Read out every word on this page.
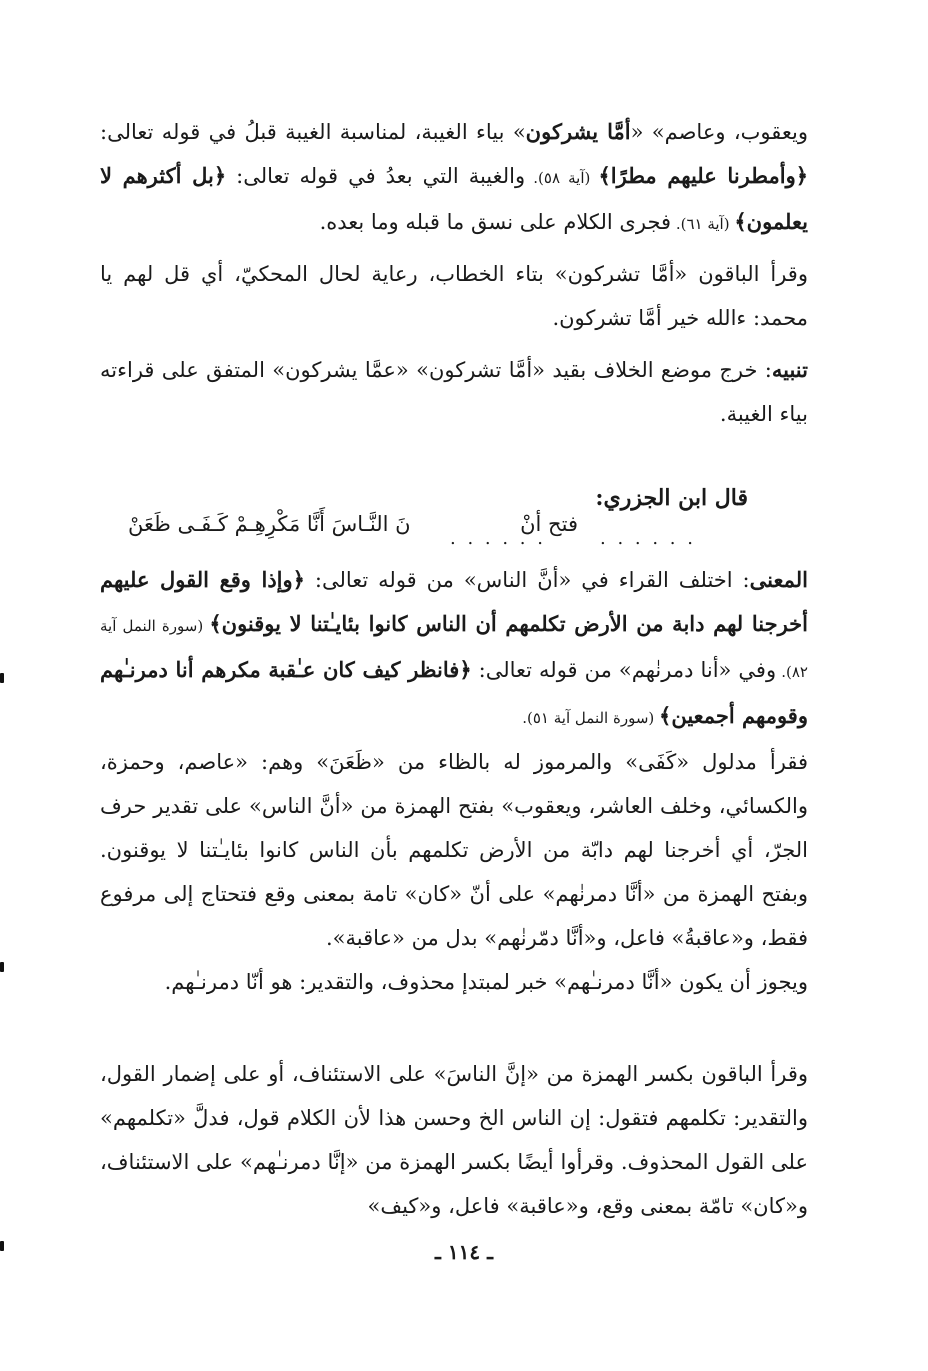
ويعقوب، وعاصم» «أمَّا يشركون» بياء الغيبة، لمناسبة الغيبة قبلُ في قوله تعالى: ﴿وأمطرنا عليهم مطرًا﴾ (آية ٥٨). والغيبة التي بعدُ في قوله تعالى: ﴿بل أكثرهم لا يعلمون﴾ (آية ٦١). فجرى الكلام على نسق ما قبله وما بعده.
وقرأ الباقون «أمَّا تشركون» بتاء الخطاب، رعاية لحال المحكيّ، أي قل لهم يا محمد: ءالله خير أمَّا تشركون.
تنبيه: خرج موضع الخلاف بقيد «أمَّا تشركون» «عمَّا يشركون» المتفق على قراءته بياء الغيبة.
قال ابن الجزري:
فتح أنْ
نَ النَّـاسَ أَنَّا مَكْرِهِـمْ كَـفَـى ظَعَنْ
. . . . . .	. . . . . .
المعنى: اختلف القراء في «أنَّ الناس» من قوله تعالى: ﴿وإذا وقع القول عليهم أخرجنا لهم دابة من الأرض تكلمهم أن الناس كانوا بئايـٰتنا لا يوقنون﴾ (سورة النمل آية ٨٢). وفي «أنا دمرنٰهم» من قوله تعالى: ﴿فانظر كيف كان عـٰقبة مكرهم أنا دمرنـٰهم وقومهم أجمعين﴾ (سورة النمل آية ٥١).
فقرأ مدلول «كَفَى» والمرموز له بالظاء من «ظَعَنَ» وهم: «عاصم، وحمزة، والكسائي، وخلف العاشر، ويعقوب» بفتح الهمزة من «أنَّ الناس» على تقدير حرف الجرّ، أي أخرجنا لهم دابّة من الأرض تكلمهم بأن الناس كانوا بئايـٰتنا لا يوقنون. وبفتح الهمزة من «أنَّا دمرنٰهم» على أنّ «كان» تامة بمعنى وقع فتحتاج إلى مرفوع فقط، و«عاقبةُ» فاعل، و«أنَّا دمّرنٰهم» بدل من «عاقبة».
ويجوز أن يكون «أنَّا دمرنـٰهم» خبر لمبتدإ محذوف، والتقدير: هو أنّا دمرنـٰهم.
وقرأ الباقون بكسر الهمزة من «إنَّ الناسَ» على الاستئناف، أو على إضمار القول، والتقدير: تكلمهم فتقول: إن الناس الخ وحسن هذا لأن الكلام قول، فدلَّ «تكلمهم» على القول المحذوف. وقرأوا أيضًا بكسر الهمزة من «إنَّا دمرنـٰهم» على الاستئناف، و«كان» تامّة بمعنى وقع، و«عاقبة» فاعل، و«كيف»
ـ ١١٤ ـ
